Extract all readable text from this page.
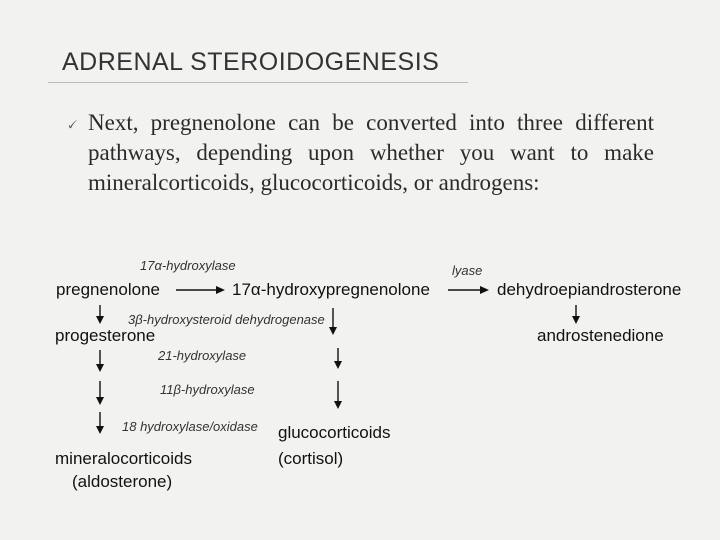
ADRENAL STEROIDOGENESIS
🗸 Next, pregnenolone can be converted into three different pathways, depending upon whether you want to make mineralcorticoids, glucocorticoids, or androgens:
17α-hydroxylase	lyase
3β-hydroxysteroid dehydrogenase
21-hydroxylase
11β-hydroxylase
18 hydroxylase/oxidase
pregnenolone	17α-hydroxypregnenolone	dehydroepiandrosterone
progesterone	androstenedione
glucocorticoids
(cortisol)
mineralocorticoids
(aldosterone)
